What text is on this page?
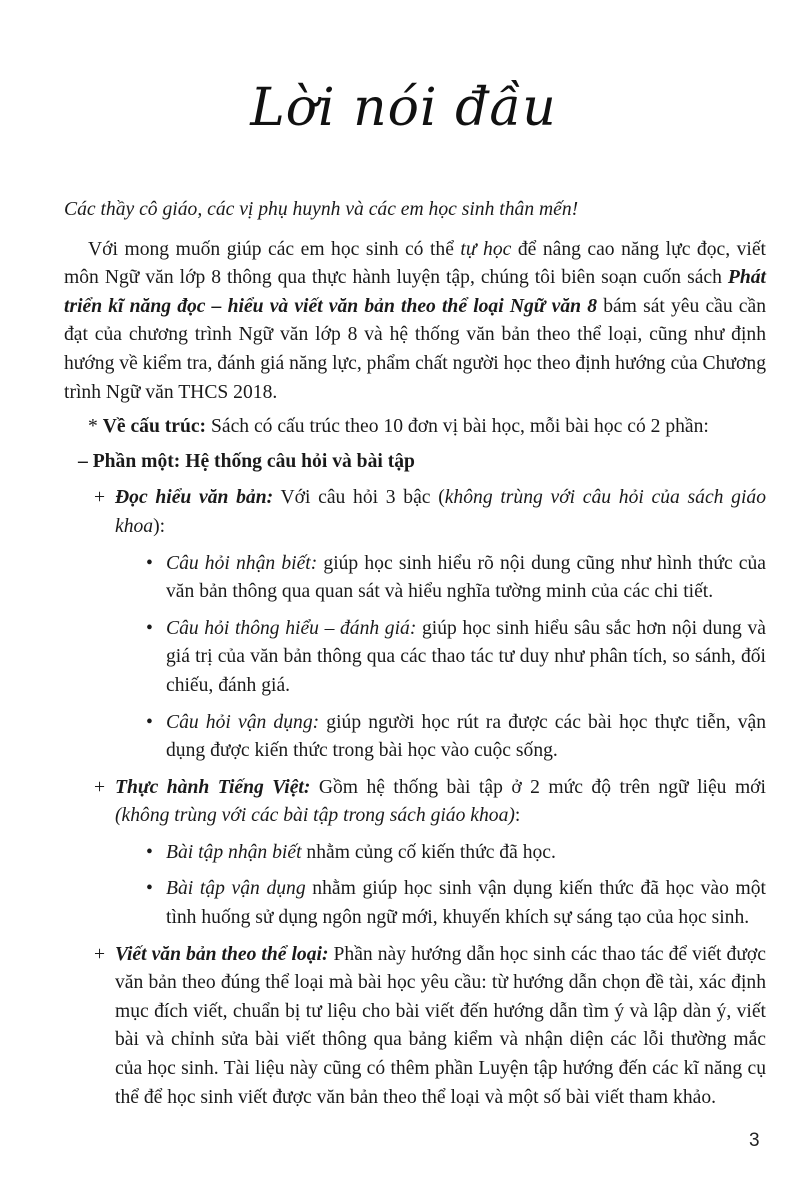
Lời nói đầu

Các thầy cô giáo, các vị phụ huynh và các em học sinh thân mến!

Với mong muốn giúp các em học sinh có thể tự học để nâng cao năng lực đọc, viết môn Ngữ văn lớp 8 thông qua thực hành luyện tập, chúng tôi biên soạn cuốn sách Phát triển kĩ năng đọc – hiểu và viết văn bản theo thể loại Ngữ văn 8 bám sát yêu cầu cần đạt của chương trình Ngữ văn lớp 8 và hệ thống văn bản theo thể loại, cũng như định hướng về kiểm tra, đánh giá năng lực, phẩm chất người học theo định hướng của Chương trình Ngữ văn THCS 2018.

* Về cấu trúc: Sách có cấu trúc theo 10 đơn vị bài học, mỗi bài học có 2 phần:

– Phần một: Hệ thống câu hỏi và bài tập

+ Đọc hiểu văn bản: Với câu hỏi 3 bậc (không trùng với câu hỏi của sách giáo khoa):

• Câu hỏi nhận biết: giúp học sinh hiểu rõ nội dung cũng như hình thức của văn bản thông qua quan sát và hiểu nghĩa tường minh của các chi tiết.

• Câu hỏi thông hiểu – đánh giá: giúp học sinh hiểu sâu sắc hơn nội dung và giá trị của văn bản thông qua các thao tác tư duy như phân tích, so sánh, đối chiếu, đánh giá.

• Câu hỏi vận dụng: giúp người học rút ra được các bài học thực tiễn, vận dụng được kiến thức trong bài học vào cuộc sống.

+ Thực hành Tiếng Việt: Gồm hệ thống bài tập ở 2 mức độ trên ngữ liệu mới (không trùng với các bài tập trong sách giáo khoa):

• Bài tập nhận biết nhằm củng cố kiến thức đã học.

• Bài tập vận dụng nhằm giúp học sinh vận dụng kiến thức đã học vào một tình huống sử dụng ngôn ngữ mới, khuyến khích sự sáng tạo của học sinh.

+ Viết văn bản theo thể loại: Phần này hướng dẫn học sinh các thao tác để viết được văn bản theo đúng thể loại mà bài học yêu cầu: từ hướng dẫn chọn đề tài, xác định mục đích viết, chuẩn bị tư liệu cho bài viết đến hướng dẫn tìm ý và lập dàn ý, viết bài và chỉnh sửa bài viết thông qua bảng kiểm và nhận diện các lỗi thường mắc của học sinh. Tài liệu này cũng có thêm phần Luyện tập hướng đến các kĩ năng cụ thể để học sinh viết được văn bản theo thể loại và một số bài viết tham khảo.

3
